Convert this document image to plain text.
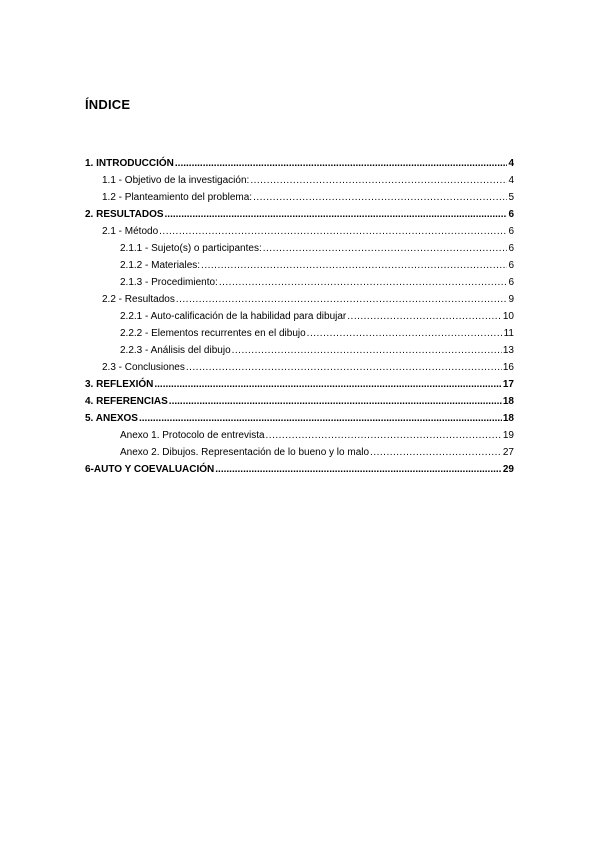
ÍNDICE
1. INTRODUCCIÓN .....	4
1.1 - Objetivo de la investigación: .....	4
1.2 - Planteamiento del problema: .....	5
2. RESULTADOS .....	6
2.1 - Método .....	6
2.1.1 - Sujeto(s) o participantes: .....	6
2.1.2 - Materiales: .....	6
2.1.3 - Procedimiento: .....	6
2.2 - Resultados .....	9
2.2.1 - Auto-calificación de la habilidad para dibujar .....	10
2.2.2 - Elementos recurrentes en el dibujo .....	11
2.2.3 - Análisis del dibujo .....	13
2.3 - Conclusiones .....	16
3. REFLEXIÓN .....	17
4. REFERENCIAS .....	18
5. ANEXOS .....	18
Anexo 1. Protocolo de entrevista .....	19
Anexo 2. Dibujos. Representación de lo bueno y lo malo .....	27
6-AUTO Y COEVALUACIÓN .....	29
